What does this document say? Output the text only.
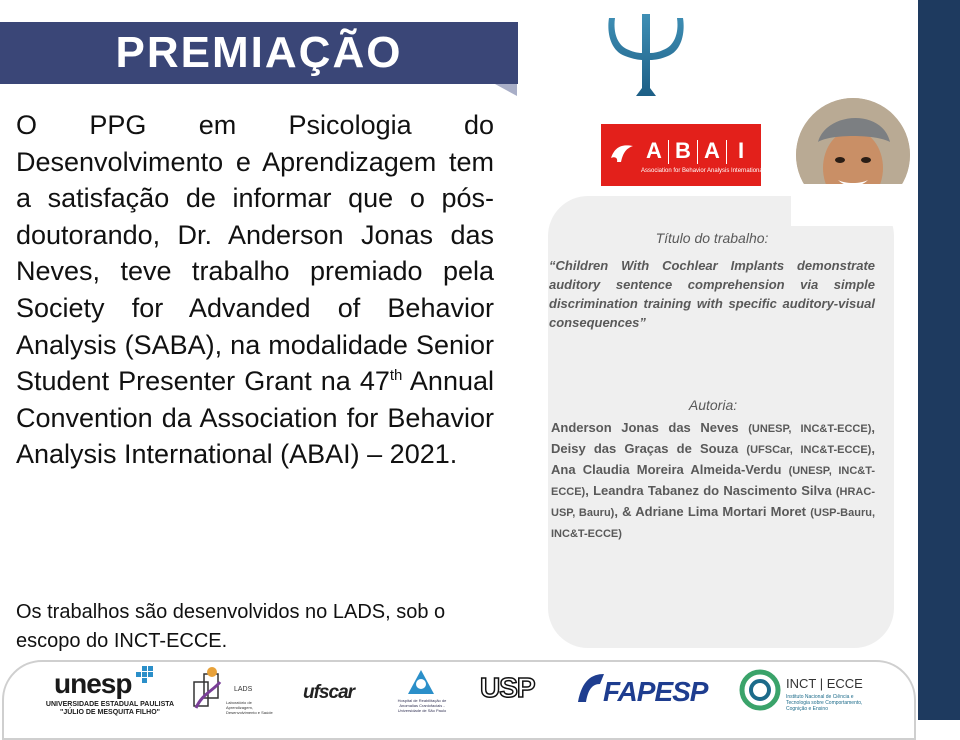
PREMIAÇÃO
A B A I
Association for Behavior Analysis International
Título do trabalho:
“Children With Cochlear Implants demonstrate auditory sentence comprehension via simple discrimination training with specific auditory-visual consequences”
Autoria:
Anderson Jonas das Neves (UNESP, INC&T-ECCE), Deisy das Graças de Souza (UFSCar, INC&T-ECCE), Ana Claudia Moreira Almeida-Verdu (UNESP, INC&T-ECCE), Leandra Tabanez do Nascimento Silva (HRAC-USP, Bauru), & Adriane Lima Mortari Moret (USP-Bauru, INC&T-ECCE)
O PPG em Psicologia do Desenvolvimento e Aprendizagem tem a satisfação de informar que o pós-doutorando, Dr. Anderson Jonas das Neves, teve trabalho premiado pela Society for Advanded of Behavior Analysis (SABA), na modalidade Senior Student Presenter Grant na 47th Annual Convention da Association for Behavior Analysis International (ABAI) – 2021.
Os trabalhos são desenvolvidos no LADS, sob o escopo do INCT-ECCE.
unesp
UNIVERSIDADE ESTADUAL PAULISTA "JÚLIO DE MESQUITA FILHO"
LADS
Laboratório de Aprendizagem, Desenvolvimento e Saúde
ufscar	Hospital de Reabilitação de Anomalias Craniofaciais - Universidade de São Paulo
USP FAPESP	INCT | ECCE
Instituto Nacional de Ciência e Tecnologia sobre Comportamento, Cognição e Ensino
